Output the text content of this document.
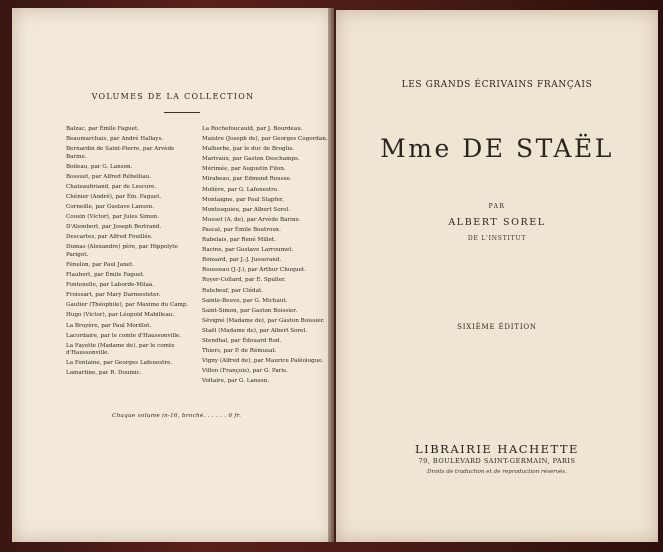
VOLUMES DE LA COLLECTION
Balzac, par Émile Faguet.
Beaumarchais, par André Hallays.
Bernardin de Saint-Pierre, par Arvède Barine.
Boileau, par G. Lanson.
Bossuet, par Alfred Rébelliau.
Chateaubriand, par de Lescure.
Chénier (André), par Ém. Faguet.
Corneille, par Gustave Lanson.
Cousin (Victor), par Jules Simon.
D'Alembert, par Joseph Bertrand.
Descartes, par Alfred Fouillée.
Dumas (Alexandre) père, par Hippolyte Parigot.
Fénelon, par Paul Janet.
Flaubert, par Émile Faguet.
Fontenelle, par Laborde-Milaà.
Froissart, par Mary Darmesteter.
Gautier (Théophile), par Maxime du Camp.
Hugo (Victor), par Léopold Mabilleau.
La Bruyère, par Paul Morillot.
Lacordaire, par le comte d'Haussonville.
La Fayette (Madame de), par le comte d'Haussonville.
La Fontaine, par Georges Lafenestre.
Lamartine, par R. Doumic.
La Rochefoucauld, par J. Bourdeau.
Maistre (Joseph de), par Georges Cogordan.
Malherbe, par le duc de Broglie.
Marivaux, par Gaston Deschamps.
Mérimée, par Augustin Filon.
Mirabeau, par Edmond Rousse.
Molière, par G. Lafenestre.
Montaigne, par Paul Stapfer.
Montesquieu, par Albert Sorel.
Musset (A. de), par Arvède Barine.
Pascal, par Émile Boutroux.
Rabelais, par René Millet.
Racine, par Gustave Larroumet.
Ronsard, par J.-J. Jusserand.
Rousseau (J.-J.), par Arthur Chuquet.
Royer-Collard, par E. Spuller.
Rutebeuf, par Clédat.
Sainte-Beuve, par G. Michaut.
Saint-Simon, par Gaston Boissier.
Sévigné (Madame de), par Gaston Boissier.
Staël (Madame de), par Albert Sorel.
Stendhal, par Édouard Rod.
Thiers, par P. de Rémusat.
Vigny (Alfred de), par Maurice Paléologue.
Villon (François), par G. Paris.
Voltaire, par G. Lanson.
Chaque volume in-16, broché. . . . . . 6 fr.
LES GRANDS ÉCRIVAINS FRANÇAIS
Mme DE STAËL
PAR
ALBERT SOREL
DE L'INSTITUT
SIXIÈME ÉDITION
LIBRAIRIE HACHETTE
79, BOULEVARD SAINT-GERMAIN, PARIS
Droits de traduction et de reproduction réservés.
